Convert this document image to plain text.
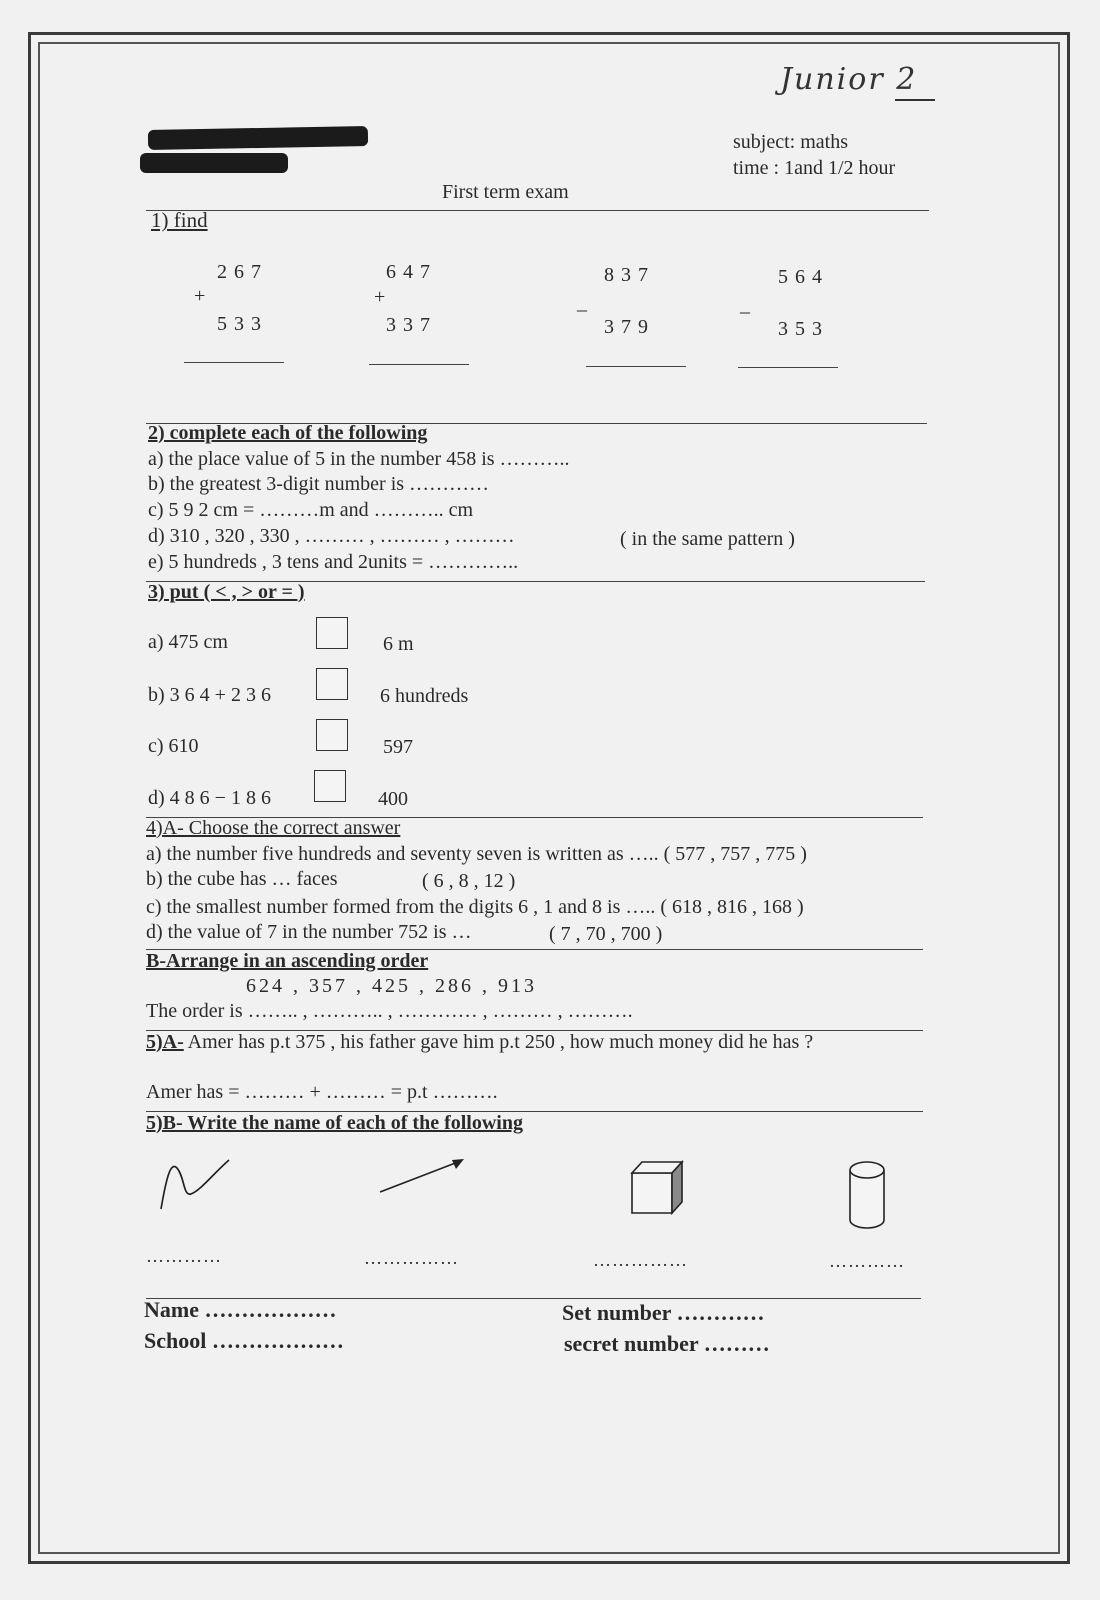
Junior 2
subject: maths
time : 1and 1/2 hour
First term exam
1) find
267
+
533
647
+
337
837
_
379
564
_
353
2) complete each of the following
a) the place value of 5 in the number 458 is ………..
b) the greatest 3-digit number is …………
c) 5 9 2 cm = ………m and ……….. cm
d) 310 , 320 , 330 , ……… , ……… , ………	( in the same pattern )
e) 5 hundreds , 3 tens and 2units = …………..
3) put ( < , > or = )
a) 475 cm	6 m
b) 3 6 4 + 2 3 6	6 hundreds
c) 610	597
d) 4 8 6 − 1 8 6	400
4)A- Choose the correct answer
a) the number five hundreds and seventy seven is written as ….. ( 577 , 757 , 775 )
b) the cube has … faces	( 6 , 8 , 12 )
c) the smallest number formed from the digits 6 , 1 and 8 is ….. ( 618 , 816 , 168 )
d) the value of 7 in the number 752 is …	( 7 , 70 , 700 )
B-Arrange in an ascending order
624 , 357 , 425 , 286 , 913
The order is …….. , ……….. , ………… , ……… , ……….
5)A- Amer has p.t 375 , his father gave him p.t 250 , how much money did he has ?
Amer has = ……… + ……… = p.t ……….
5)B- Write the name of each of the following
…………	……………	……………	…………
Name ………………
School ………………
Set number …………
secret number ………
